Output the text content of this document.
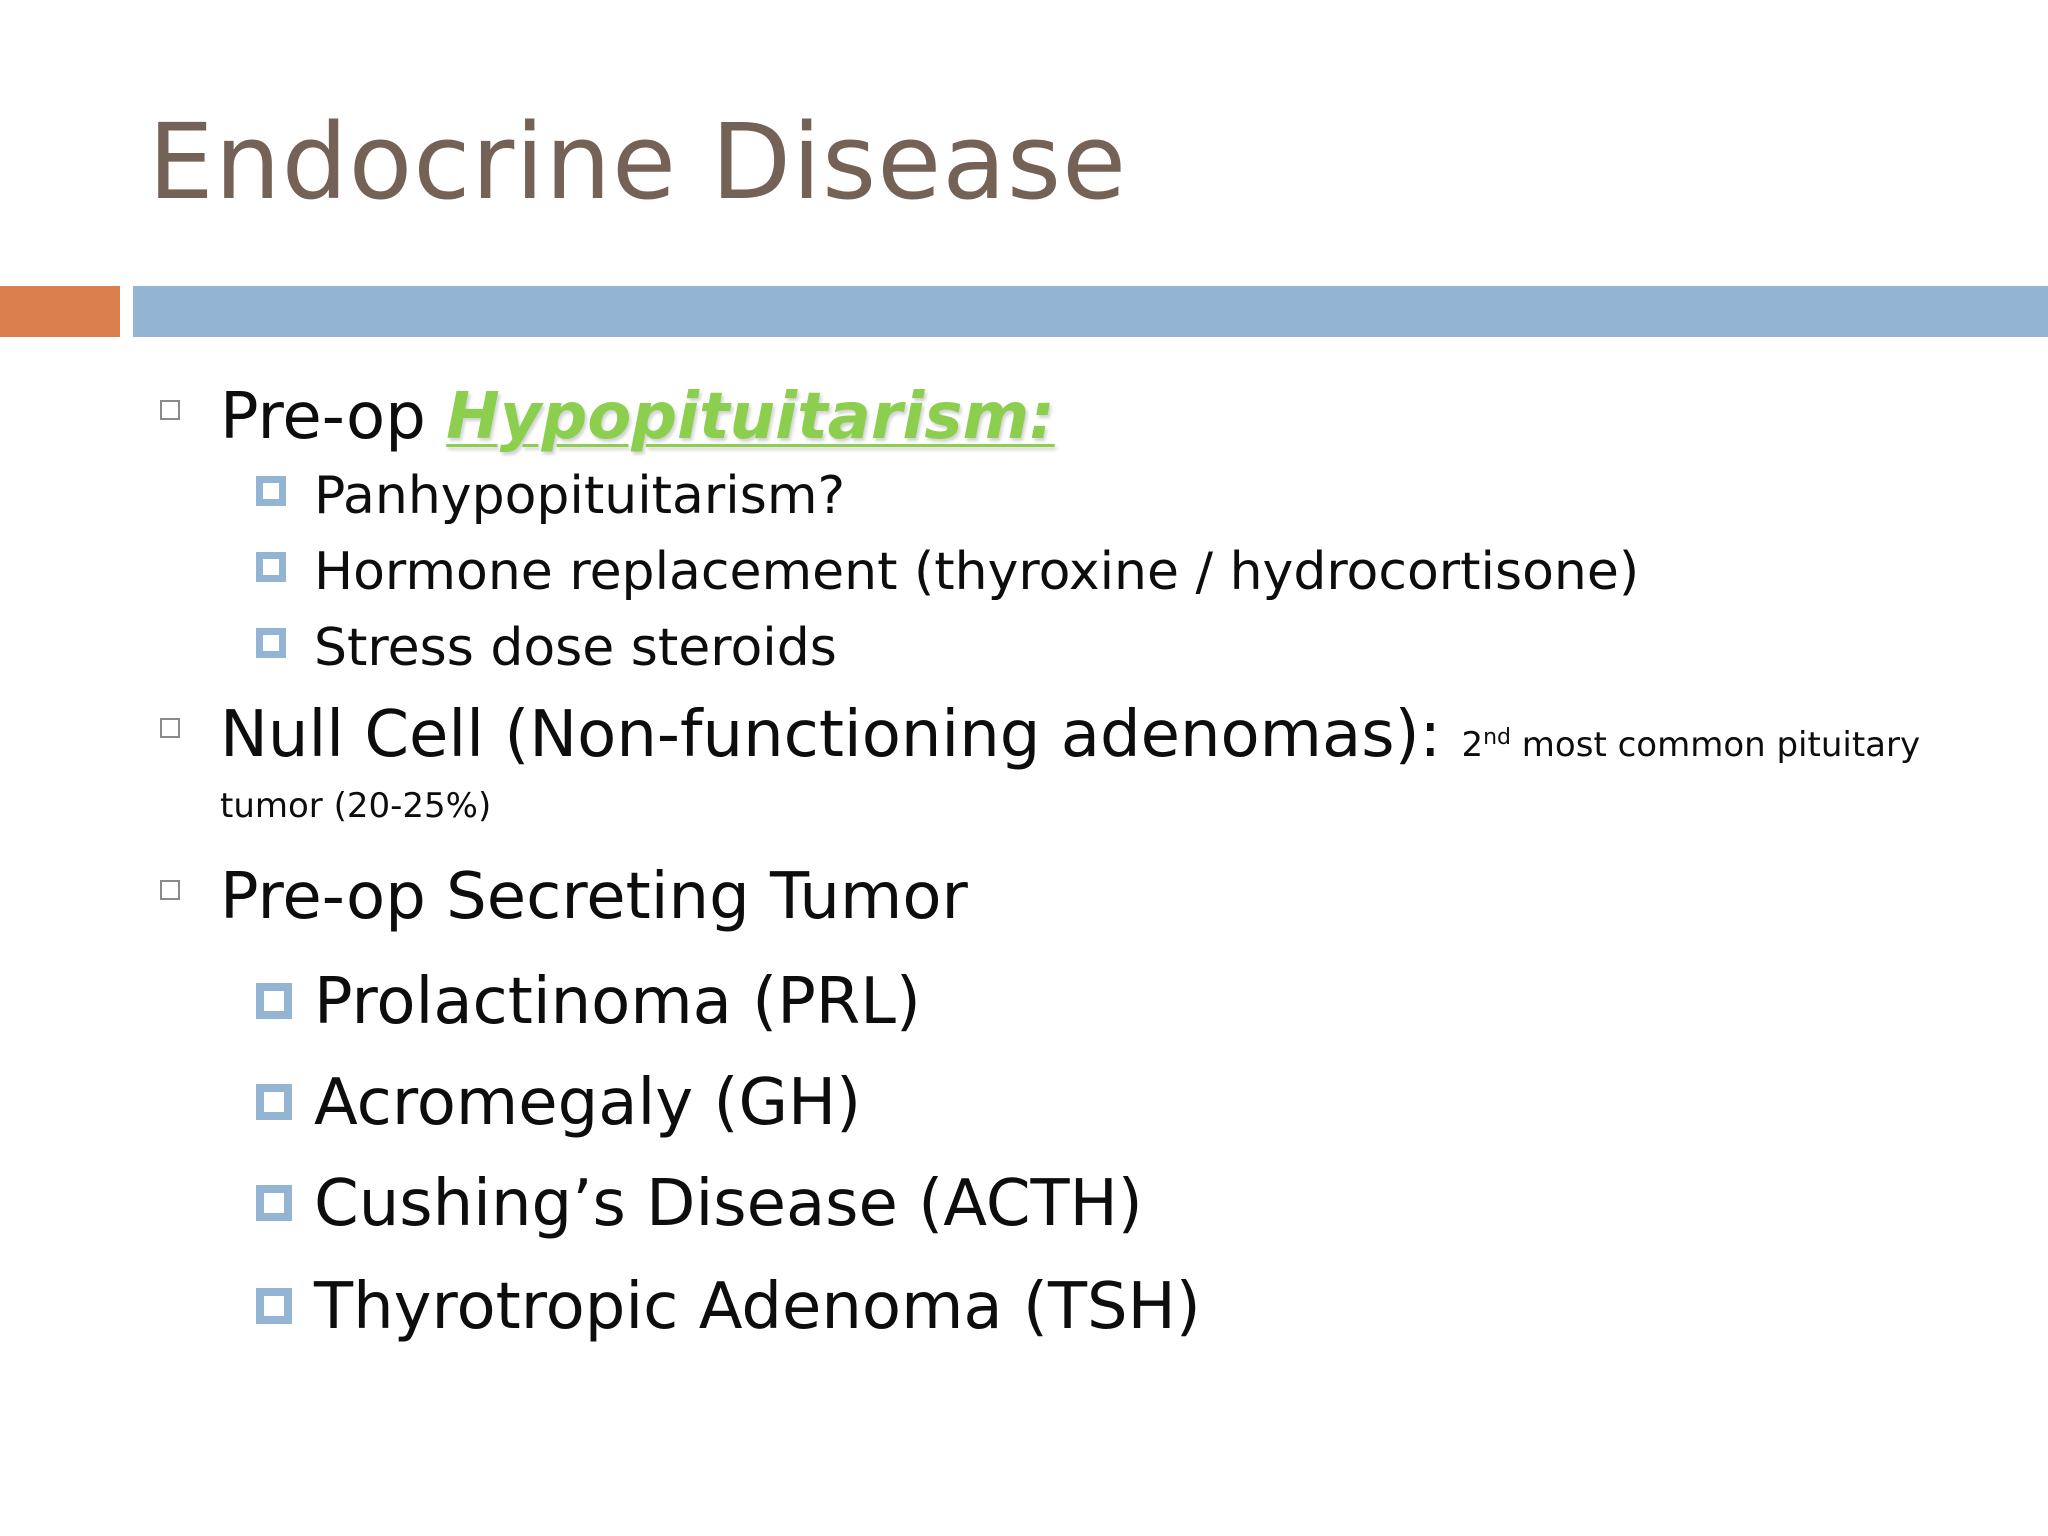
Endocrine Disease
Pre-op Hypopituitarism:
Panhypopituitarism?
Hormone replacement (thyroxine / hydrocortisone)
Stress dose steroids
Null Cell (Non-functioning adenomas): 2nd most common pituitary
tumor (20-25%)
Pre-op Secreting Tumor
Prolactinoma (PRL)
Acromegaly (GH)
Cushing’s Disease (ACTH)
Thyrotropic Adenoma (TSH)
